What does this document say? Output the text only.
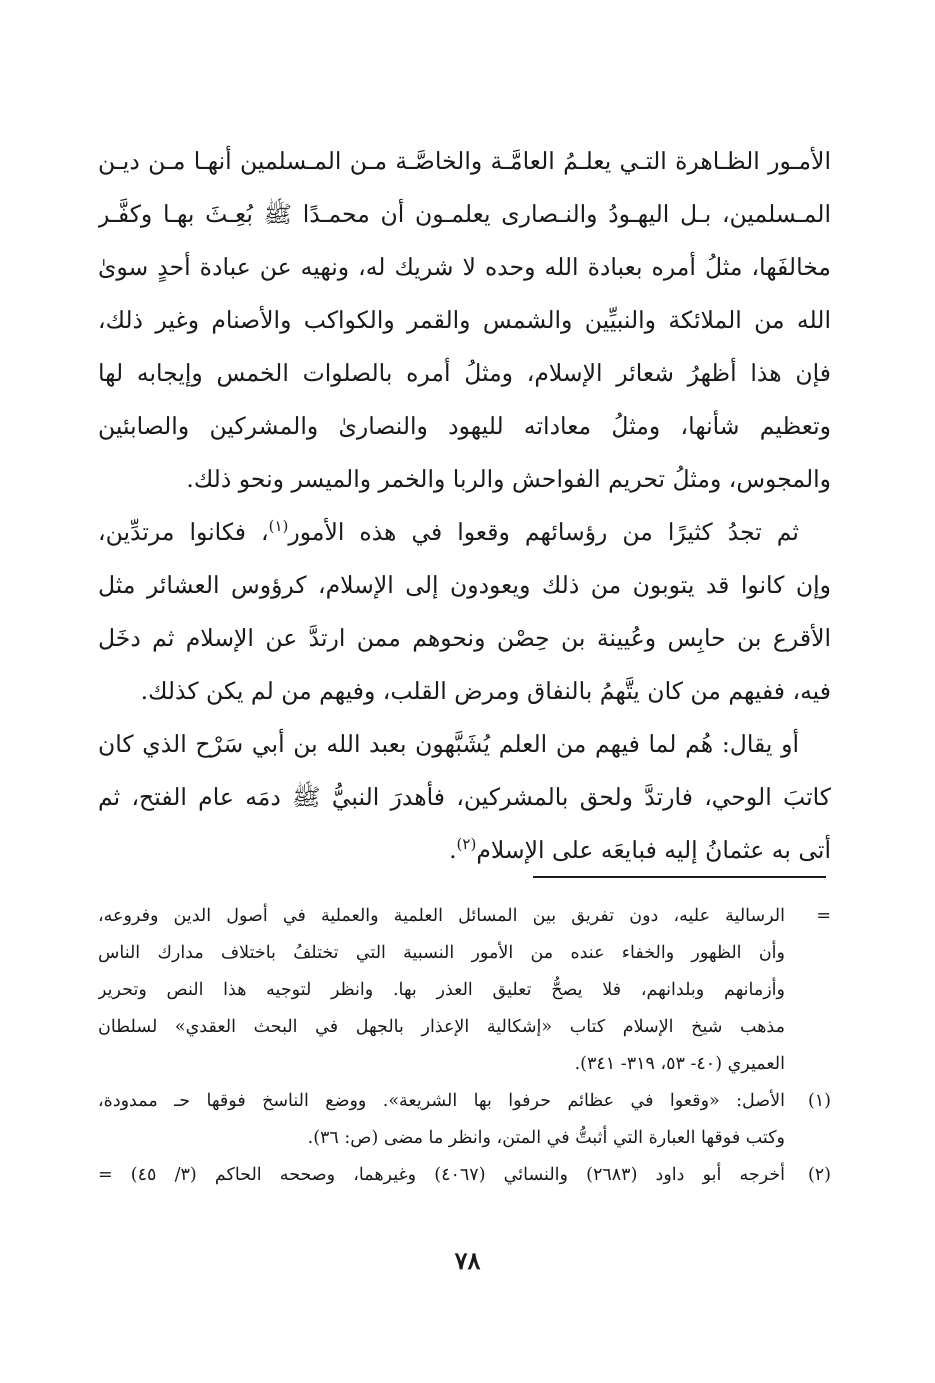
الأمـور الظـاهرة التـي يعلـمُ العامَّـة والخاصَّـة مـن المـسلمين أنهـا مـن ديـن
المـسلمين، بـل اليهـودُ والنـصارى يعلمـون أن محمـدًا ﷺ بُعِـثَ بهـا وكفَّـر
مخالفَها، مثلُ أمره بعبادة الله وحده لا شريك له، ونهيه عن عبادة أحدٍ سوىٰ
الله من الملائكة والنبيِّين والشمس والقمر والكواكب والأصنام وغير ذلك،
فإن هذا أظهرُ شعائر الإسلام، ومثلُ أمره بالصلوات الخمس وإيجابه لها
وتعظيم شأنها، ومثلُ معاداته لليهود والنصارىٰ والمشركين والصابئين
والمجوس، ومثلُ تحريم الفواحش والربا والخمر والميسر ونحو ذلك.

ثم تجدُ كثيرًا من رؤسائهم وقعوا في هذه الأمور$^{(١)}$، فكانوا مرتدِّين،
وإن كانوا قد يتوبون من ذلك ويعودون إلى الإسلام، كرؤوس العشائر مثل
الأقرع بن حابِس وعُيينة بن حِصْن ونحوهم ممن ارتدَّ عن الإسلام ثم دخَل
فيه، ففيهم من كان يتَّهمُ بالنفاق ومرض القلب، وفيهم من لم يكن كذلك.

أو يقال: هُم لما فيهم من العلم يُشَبَّهون بعبد الله بن أبي سَرْح الذي كان
كاتبَ الوحي، فارتدَّ ولحق بالمشركين، فأهدرَ النبيُّ ﷺ دمَه عام الفتح، ثم
أتى به عثمانُ إليه فبايعَه على الإسلام$^{(٢)}$.

=
الرسالية عليه، دون تفريق بين المسائل العلمية والعملية في أصول الدين وفروعه،
وأن الظهور والخفاء عنده من الأمور النسبية التي تختلفُ باختلاف مدارك الناس
وأزمانهم وبلدانهم، فلا يصحُّ تعليق العذر بها. وانظر لتوجيه هذا النص وتحرير
مذهب شيخ الإسلام كتاب «إشكالية الإعذار بالجهل في البحث العقدي» لسلطان
العميري (٤٠- ٥٣، ٣١٩- ٣٤١).
(١)
الأصل: «وقعوا في عظائم حرفوا بها الشريعة». ووضع الناسخ فوقها حـ ممدودة،
وكتب فوقها العبارة التي أثبتُّ في المتن، وانظر ما مضى (ص: ٣٦).
(٢)
أخرجه أبو داود (٢٦٨٣) والنسائي (٤٠٦٧) وغيرهما، وصححه الحاكم (٣/ ٤٥) =
٧٨
